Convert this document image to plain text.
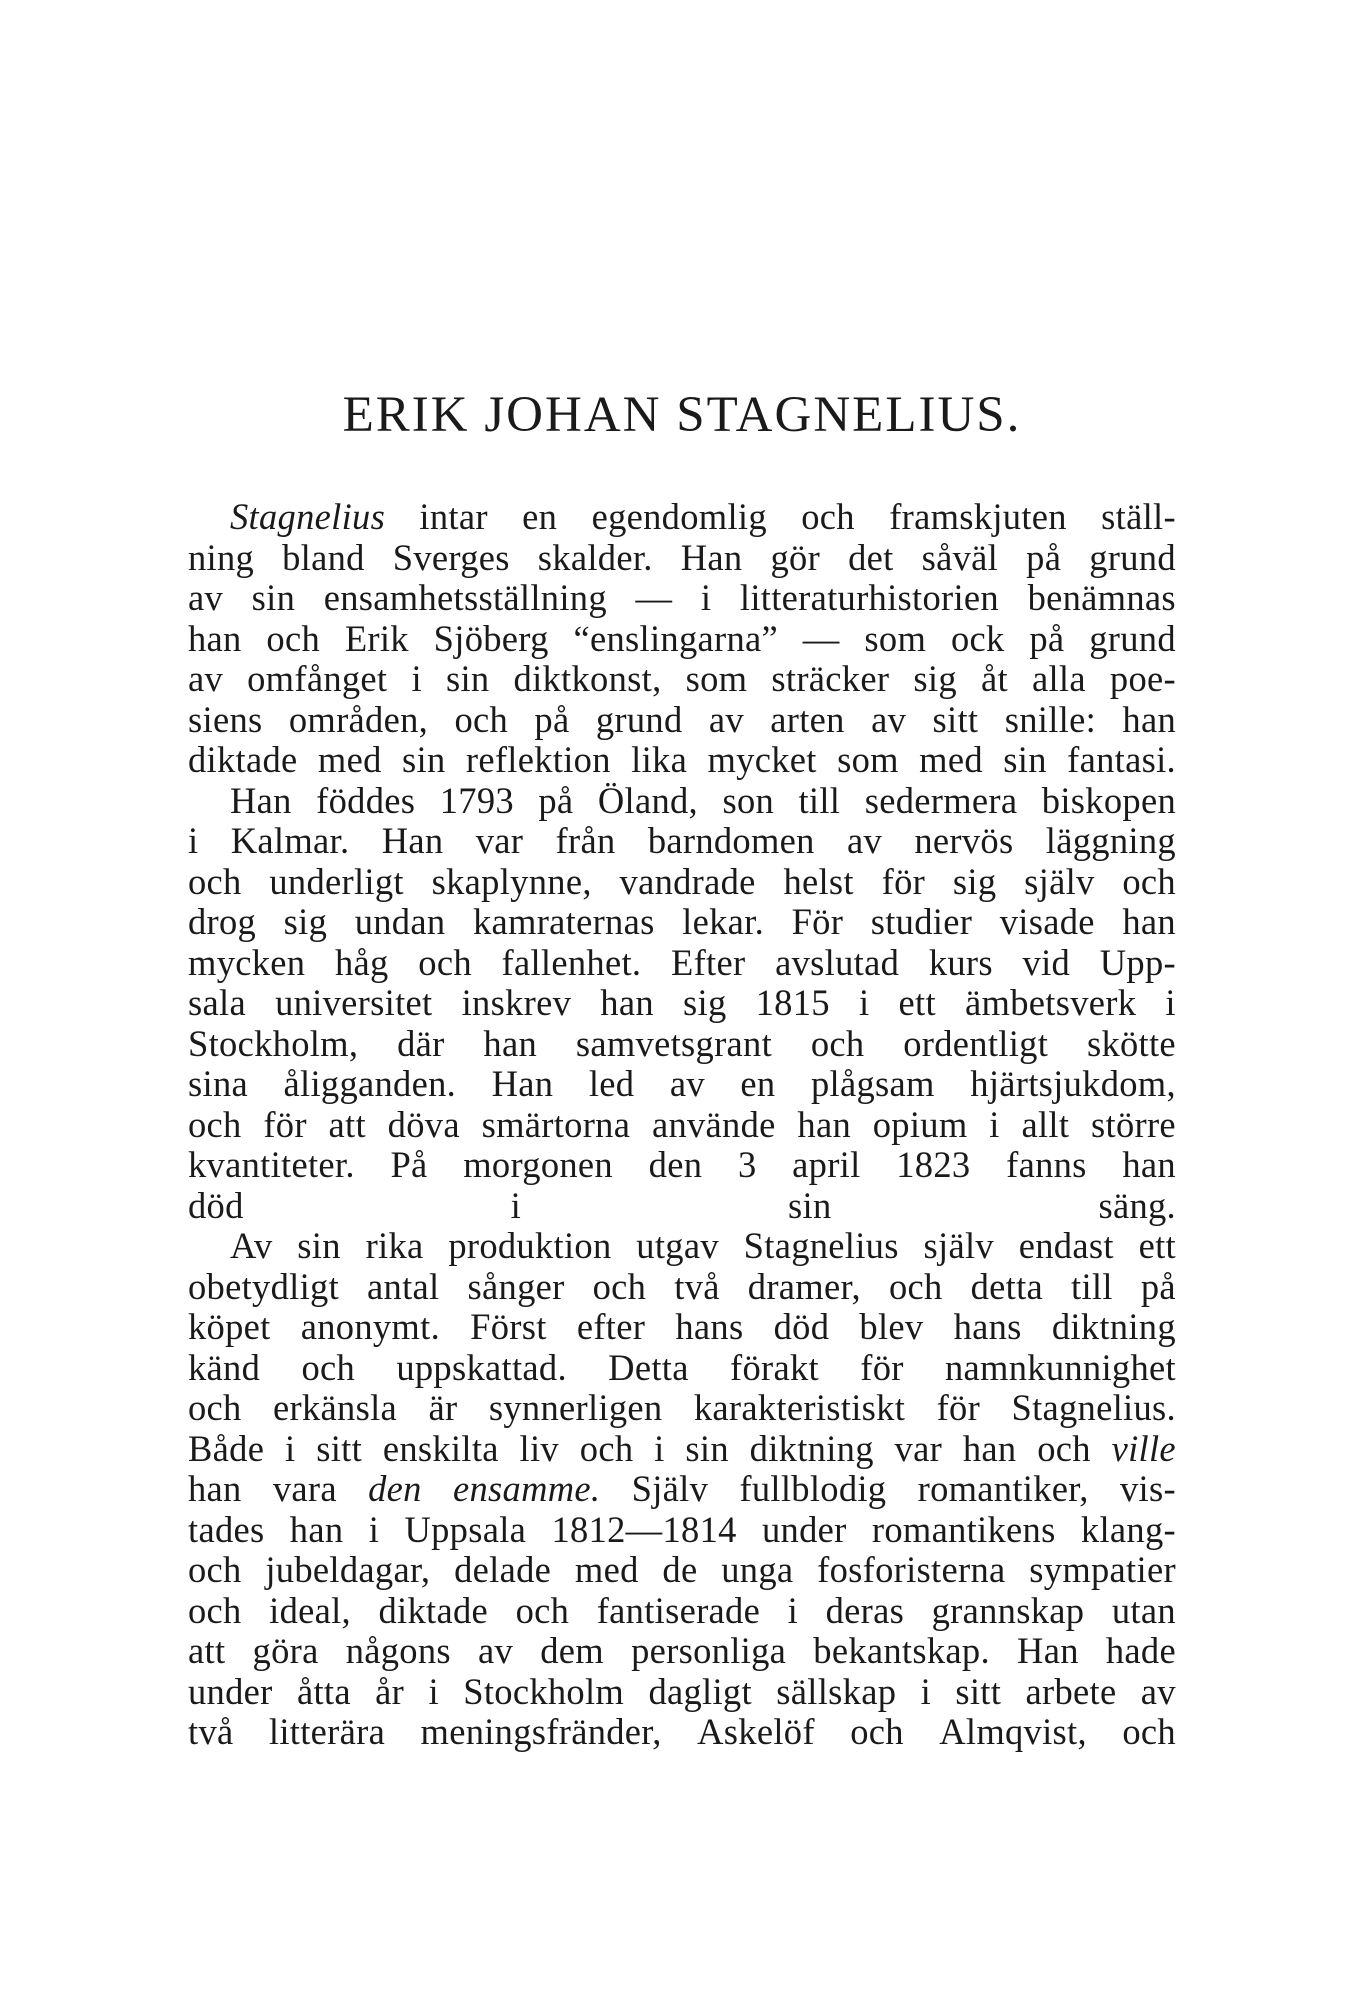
ERIK JOHAN STAGNELIUS.
Stagnelius intar en egendomlig och framskjuten ställ-
ning bland Sverges skalder. Han gör det såväl på grund
av sin ensamhetsställning — i litteraturhistorien benämnas
han och Erik Sjöberg “enslingarna” — som ock på grund
av omfånget i sin diktkonst, som sträcker sig åt alla poe-
siens områden, och på grund av arten av sitt snille: han
diktade med sin reflektion lika mycket som med sin fantasi.
Han föddes 1793 på Öland, son till sedermera biskopen
i Kalmar. Han var från barndomen av nervös läggning
och underligt skaplynne, vandrade helst för sig själv och
drog sig undan kamraternas lekar. För studier visade han
mycken håg och fallenhet. Efter avslutad kurs vid Upp-
sala universitet inskrev han sig 1815 i ett ämbetsverk i
Stockholm, där han samvetsgrant och ordentligt skötte
sina åligganden. Han led av en plågsam hjärtsjukdom,
och för att döva smärtorna använde han opium i allt större
kvantiteter. På morgonen den 3 april 1823 fanns han
död i sin säng.
Av sin rika produktion utgav Stagnelius själv endast ett
obetydligt antal sånger och två dramer, och detta till på
köpet anonymt. Först efter hans död blev hans diktning
känd och uppskattad. Detta förakt för namnkunnighet
och erkänsla är synnerligen karakteristiskt för Stagnelius.
Både i sitt enskilta liv och i sin diktning var han och ville
han vara den ensamme. Själv fullblodig romantiker, vis-
tades han i Uppsala 1812—1814 under romantikens klang-
och jubeldagar, delade med de unga fosforisterna sympatier
och ideal, diktade och fantiserade i deras grannskap utan
att göra någons av dem personliga bekantskap. Han hade
under åtta år i Stockholm dagligt sällskap i sitt arbete av
två litterära meningsfränder, Askelöf och Almqvist, och
